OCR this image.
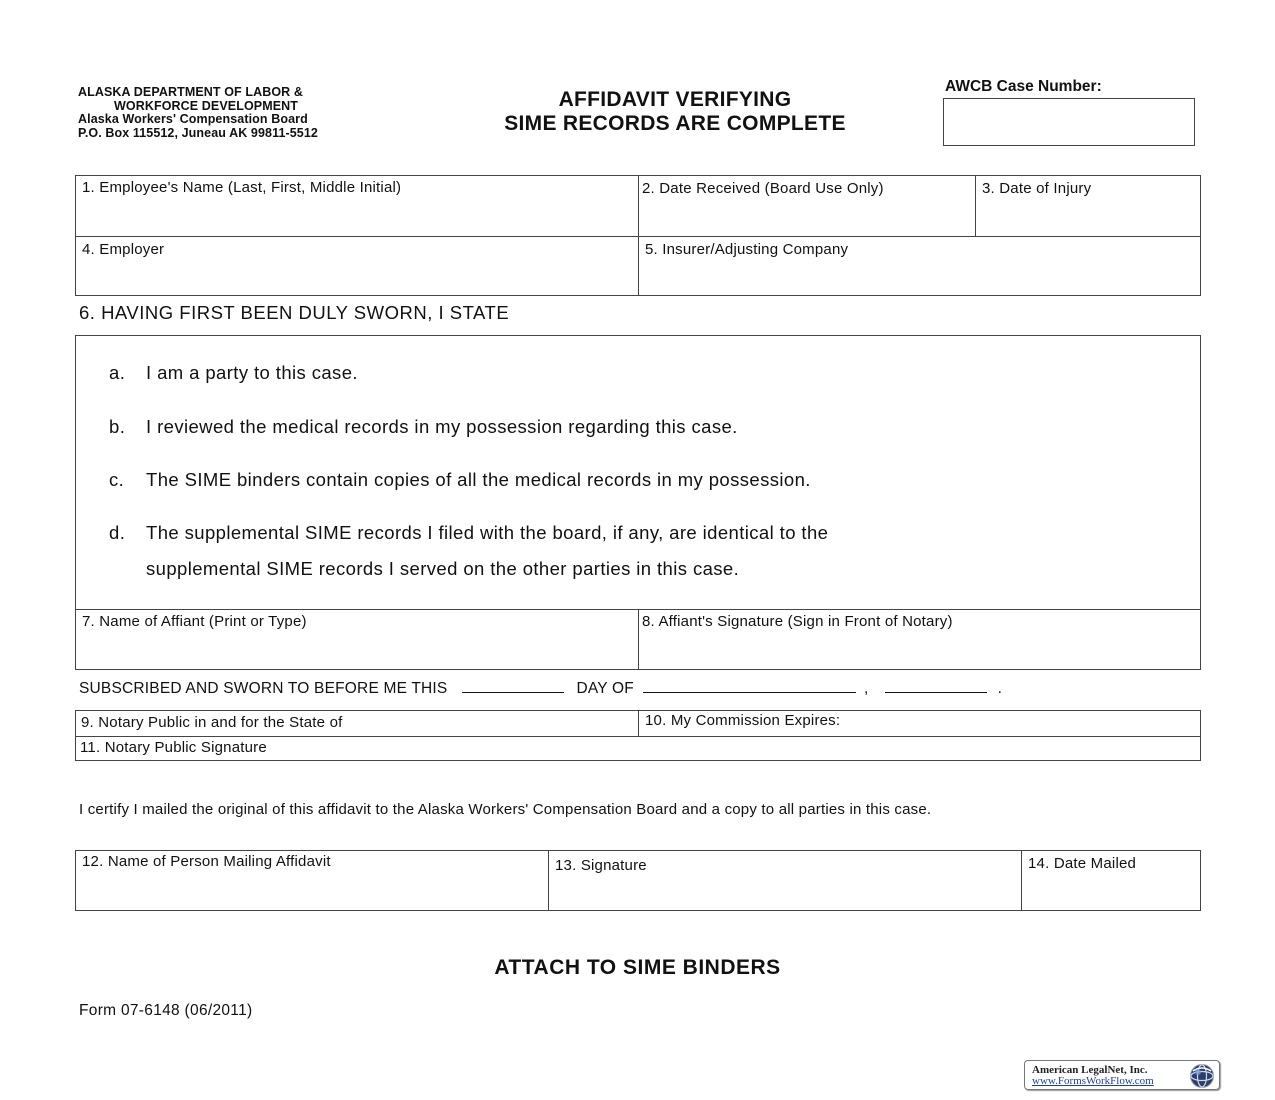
ALASKA DEPARTMENT OF LABOR &
WORKFORCE DEVELOPMENT
Alaska Workers' Compensation Board
P.O. Box 115512, Juneau AK 99811-5512
AFFIDAVIT VERIFYING
SIME RECORDS ARE COMPLETE
AWCB Case Number:
1. Employee's Name (Last, First, Middle Initial)	2. Date Received (Board Use Only)	3. Date of Injury
4. Employer	5. Insurer/Adjusting Company
6. HAVING FIRST BEEN DULY SWORN, I STATE
a. I am a party to this case.
b. I reviewed the medical records in my possession regarding this case.
c. The SIME binders contain copies of all the medical records in my possession.
d. The supplemental SIME records I filed with the board, if any, are identical to the
supplemental SIME records I served on the other parties in this case.
7. Name of Affiant (Print or Type)	8. Affiant's Signature (Sign in Front of Notary)
SUBSCRIBED AND SWORN TO BEFORE ME THIS	DAY OF	,	.
9. Notary Public in and for the State of	10. My Commission Expires:
11. Notary Public Signature
I certify I mailed the original of this affidavit to the Alaska Workers' Compensation Board and a copy to all parties in this case.
12. Name of Person Mailing Affidavit	13. Signature	14. Date Mailed
ATTACH TO SIME BINDERS
Form 07-6148 (06/2011)
American LegalNet, Inc.
www.FormsWorkFlow.com
